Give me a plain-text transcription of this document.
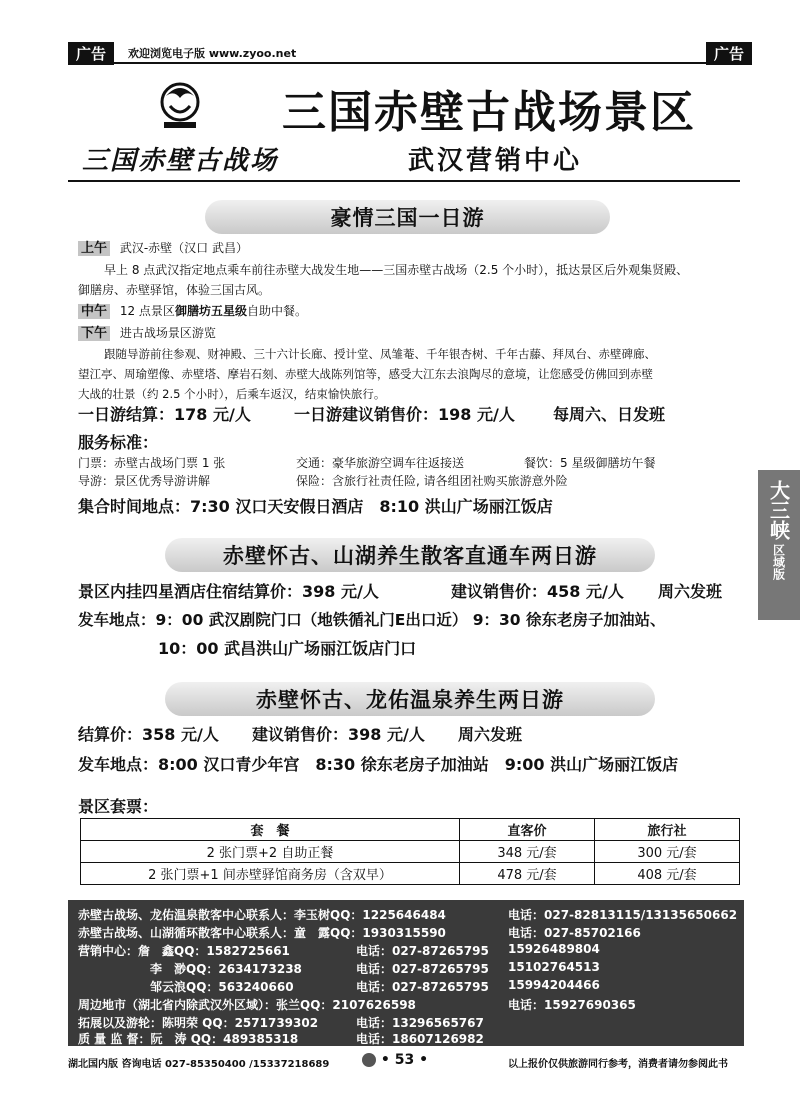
广告	欢迎浏览电子版 www.zyoo.net	广告
三国赤壁古战场
三国赤壁古战场景区
武汉营销中心
豪情三国一日游
上午 武汉-赤壁（汉口 武昌）
早上 8 点武汉指定地点乘车前往赤壁大战发生地——三国赤壁古战场（2.5 个小时），抵达景区后外观集贤殿、
御膳房、赤壁驿馆，体验三国古风。
中午 12 点景区御膳坊五星级自助中餐。
下午 进古战场景区游览
跟随导游前往参观、财神殿、三十六计长廊、授计堂、凤雏菴、千年银杏树、千年古藤、拜凤台、赤壁碑廊、
望江亭、周瑜塑像、赤壁塔、摩岩石刻、赤壁大战陈列馆等，感受大江东去浪陶尽的意境，让您感受仿佛回到赤壁
大战的壮景（约 2.5 个小时），后乘车返汉，结束愉快旅行。
一日游结算：178 元/人	一日游建议销售价：198 元/人 每周六、日发班
服务标准：
门票：赤壁古战场门票 1 张	交通：豪华旅游空调车往返接送	餐饮：5 星级御膳坊午餐
导游：景区优秀导游讲解	保险：含旅行社责任险, 请各组团社购买旅游意外险
集合时间地点：7:30 汉口天安假日酒店　8:10 洪山广场丽江饭店
赤壁怀古、山湖养生散客直通车两日游
景区内挂四星酒店住宿结算价：398 元/人	建议销售价：458 元/人 周六发班
发车地点：9：00 武汉剧院门口（地铁循礼门E出口近） 9：30 徐东老房子加油站、
10：00 武昌洪山广场丽江饭店门口
赤壁怀古、龙佑温泉养生两日游
结算价：358 元/人 建议销售价：398 元/人 周六发班
发车地点：8:00 汉口青少年宫　8:30 徐东老房子加油站　9:00 洪山广场丽江饭店
景区套票：
套　餐	直客价	旅行社
2 张门票+2 自助正餐	348 元/套	300 元/套
2 张门票+1 间赤壁驿馆商务房（含双早）	478 元/套	408 元/套
赤壁古战场、龙佑温泉散客中心联系人：李玉树QQ：1225646484	电话：027-82813115/13135650662
赤壁古战场、山湖循环散客中心联系人：童　露QQ：1930315590	电话：027-85702166
营销中心：詹　鑫QQ：1582725661	电话：027-87265795 15926489804
李　渺QQ：2634173238	电话：027-87265795 15102764513
邹云浪QQ：563240660	电话：027-87265795 15994204466
周边地市（湖北省内除武汉外区域）：张兰QQ：2107626598	电话：15927690365
拓展以及游轮：陈明荣 QQ：2571739302	电话：13296565767
质 量 监 督：阮　涛 QQ：489385318	电话：18607126982
湖北国内版 咨询电话 027-85350400 /15337218689	• 53 •	以上报价仅供旅游同行参考，消费者请勿参阅此书
大三峡
区域版
